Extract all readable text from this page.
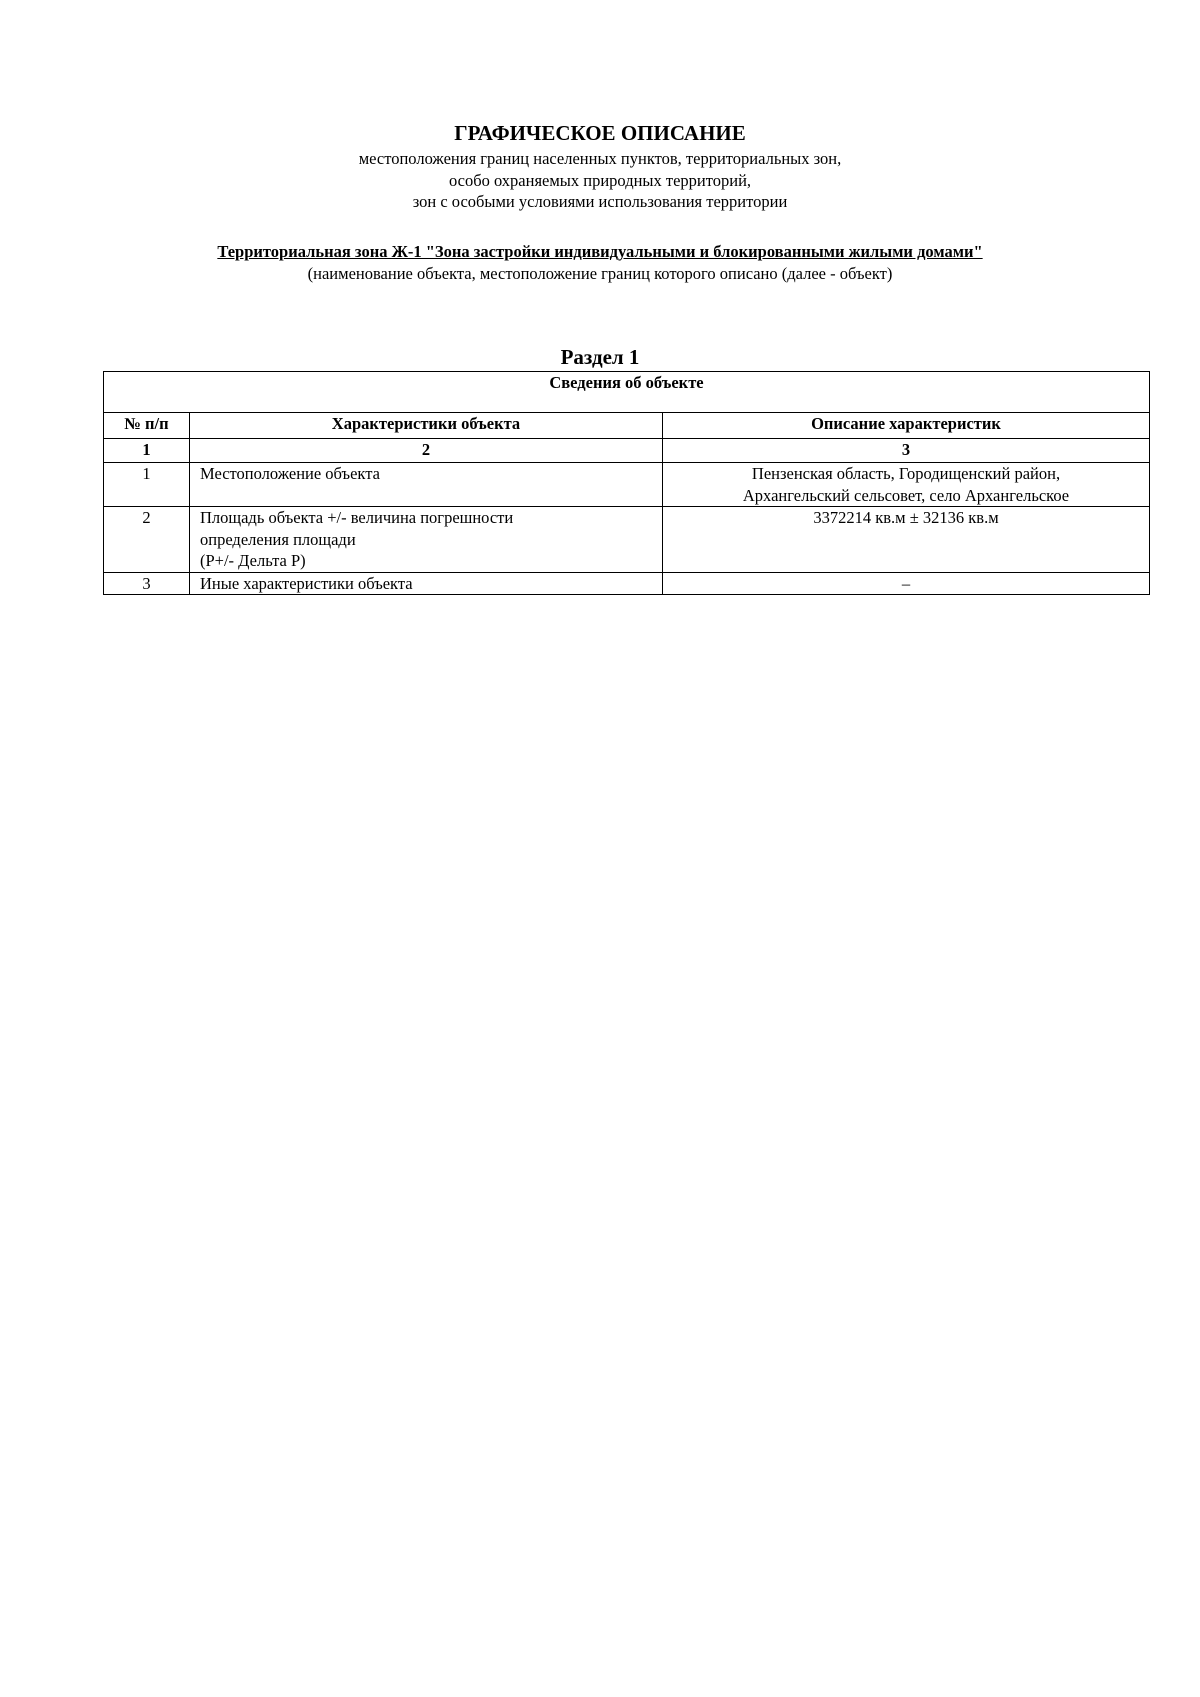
ГРАФИЧЕСКОЕ ОПИСАНИЕ
местоположения границ населенных пунктов, территориальных зон,
особо охраняемых природных территорий,
зон с особыми условиями использования территории
Территориальная зона Ж-1 "Зона застройки индивидуальными и блокированными жилыми домами"
(наименование объекта, местоположение границ которого описано (далее - объект)
Раздел 1
Сведения об объекте		
№ п/п	Характеристики объекта	Описание характеристик
1	2	3
1	Местоположение объекта	Пензенская область, Городищенский район,
Архангельский сельсовет, село Архангельское

2	Площадь объекта +/- величина погрешности
определения площади
(Р+/- Дельта Р)	3372214 кв.м ± 32136 кв.м

3	Иные характеристики объекта	–
